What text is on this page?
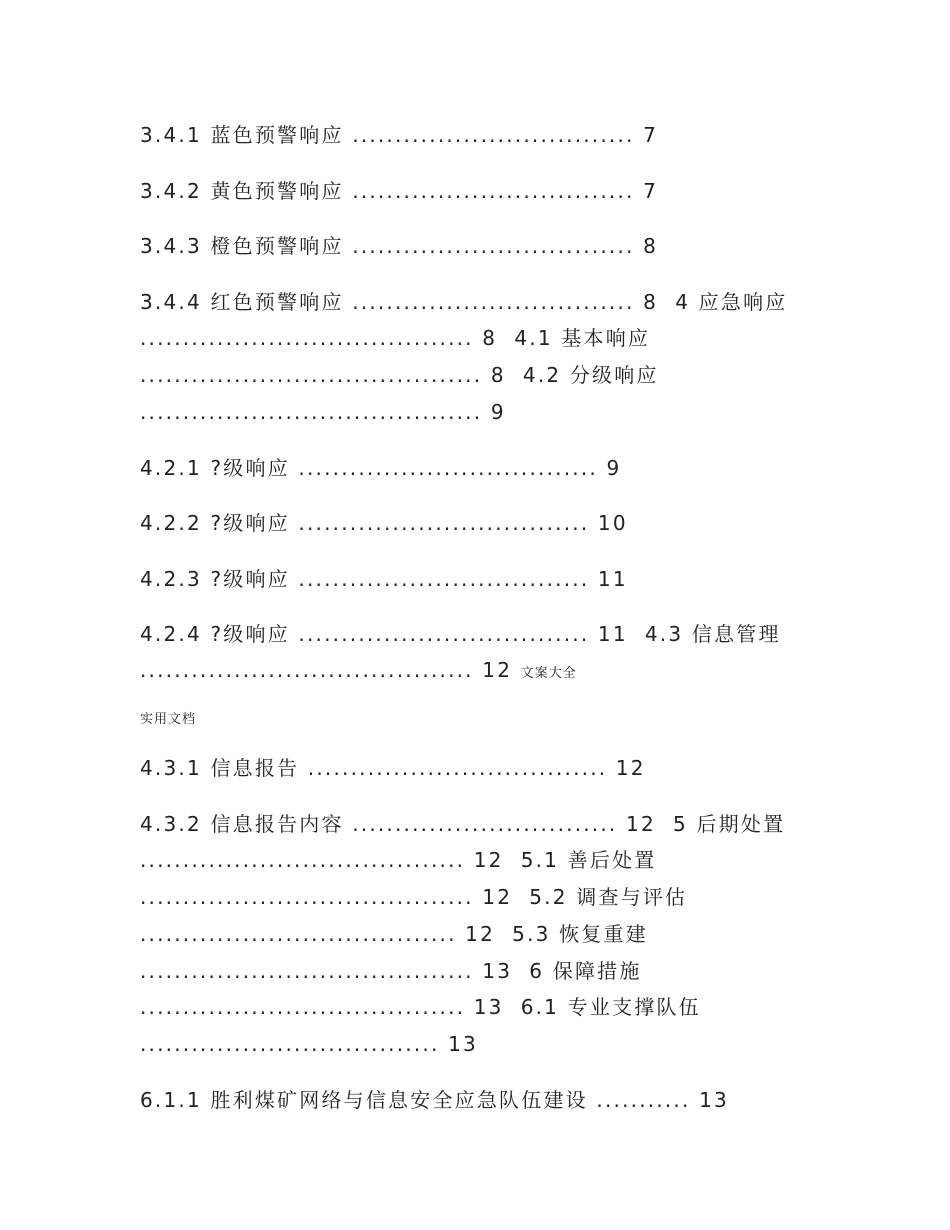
3.4.1 蓝色预警响应 ................................. 7
3.4.2 黄色预警响应 ................................. 7
3.4.3 橙色预警响应 ................................. 8
3.4.4 红色预警响应 ................................. 8  4 应急响应
....................................... 8  4.1 基本响应
........................................ 8  4.2 分级响应
........................................ 9
4.2.1 ?级响应 ................................... 9
4.2.2 ?级响应 .................................. 10
4.2.3 ?级响应 .................................. 11
4.2.4 ?级响应 .................................. 11  4.3 信息管理
....................................... 12 文案大全
实用文档
4.3.1 信息报告 ................................... 12
4.3.2 信息报告内容 ............................... 12  5 后期处置
...................................... 12  5.1 善后处置
....................................... 12  5.2 调查与评估
..................................... 12  5.3 恢复重建
....................................... 13  6 保障措施
...................................... 13  6.1 专业支撑队伍
................................... 13
6.1.1 胜利煤矿网络与信息安全应急队伍建设 ........... 13
